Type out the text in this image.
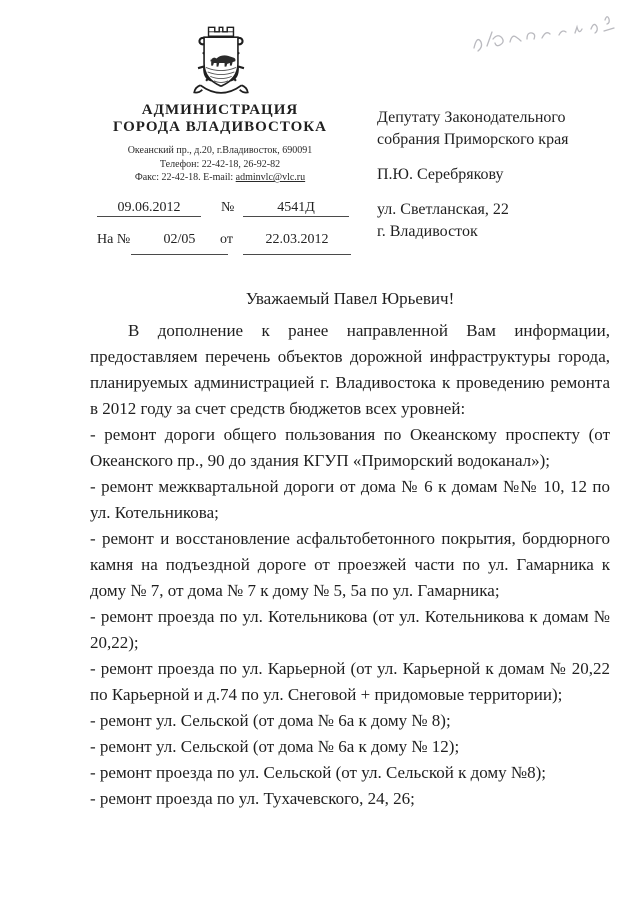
АДМИНИСТРАЦИЯ
ГОРОДА ВЛАДИВОСТОКА
Океанский пр., д.20, г.Владивосток, 690091
Телефон: 22-42-18, 26-92-82
Факс: 22-42-18. E-mail: adminvlc@vlc.ru
09.06.2012	№	4541Д
На №	02/05	от	22.03.2012

Депутату Законодательного

собрания Приморского края

П.Ю. Серебрякову

ул. Светланская, 22

г. Владивосток

Уважаемый Павел Юрьевич!

В дополнение к ранее направленной Вам информации, предоставляем перечень объектов дорожной инфраструктуры города, планируемых администрацией г. Владивостока к проведению ремонта в 2012 году за счет средств бюджетов всех уровней:

- ремонт дороги общего пользования по Океанскому проспекту (от Океанского пр., 90 до здания КГУП «Приморский водоканал»);

- ремонт межквартальной дороги от дома № 6 к домам №№ 10, 12 по ул. Котельникова;

- ремонт и восстановление асфальтобетонного покрытия, бордюрного камня на подъездной дороге от проезжей части по ул. Гамарника к дому № 7, от дома № 7 к дому № 5, 5а по ул. Гамарника;

- ремонт проезда по ул. Котельникова (от ул. Котельникова к домам № 20,22);

- ремонт проезда по ул. Карьерной (от ул. Карьерной к домам № 20,22 по Карьерной и д.74 по ул. Снеговой + придомовые территории);

- ремонт ул. Сельской (от дома № 6а к дому № 8);

- ремонт ул. Сельской (от дома № 6а к дому № 12);

- ремонт проезда по ул. Сельской (от ул. Сельской к дому №8);

- ремонт проезда по ул. Тухачевского, 24, 26;
